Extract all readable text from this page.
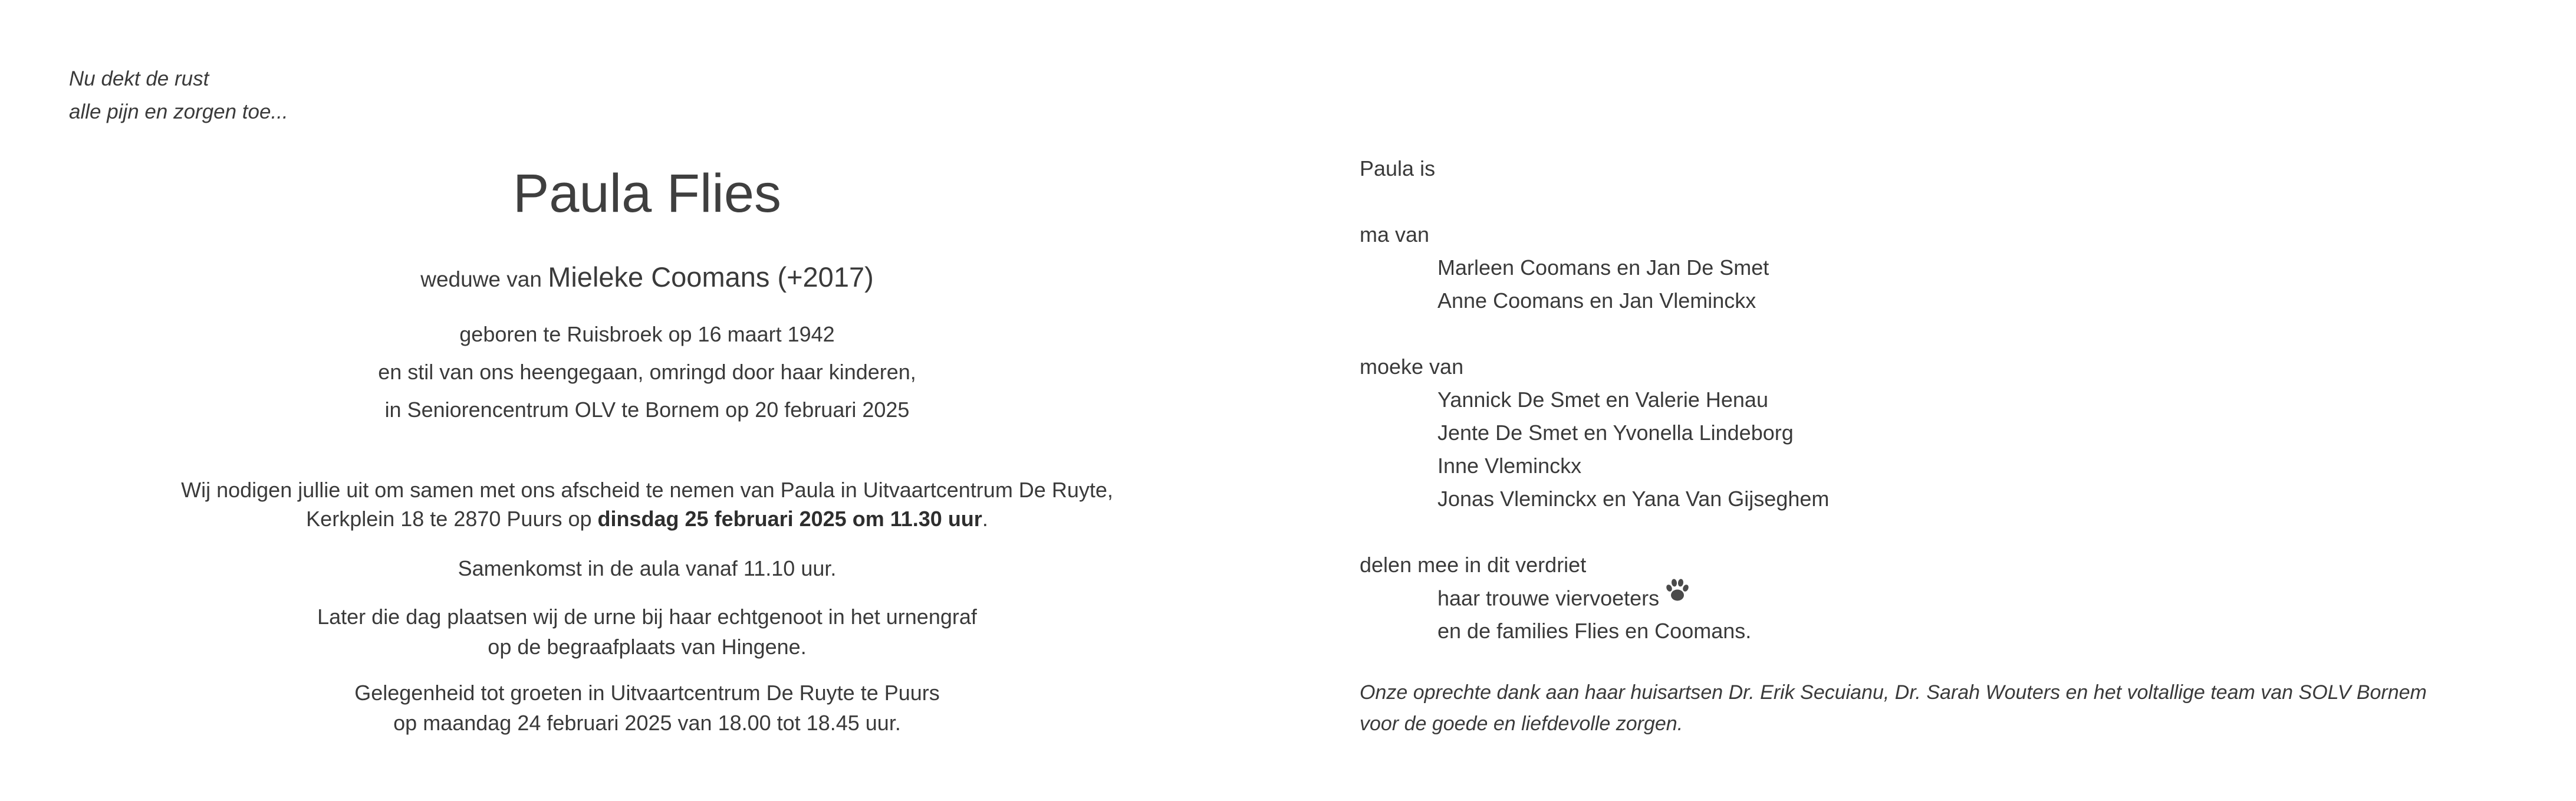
Nu dekt de rust
alle pijn en zorgen toe...
Paula Flies
weduwe van Mieleke Coomans (+2017)
geboren te Ruisbroek op 16 maart 1942
en stil van ons heengegaan, omringd door haar kinderen,
in Seniorencentrum OLV te Bornem op 20 februari 2025
Wij nodigen jullie uit om samen met ons afscheid te nemen van Paula in Uitvaartcentrum De Ruyte,
Kerkplein 18 te 2870 Puurs op dinsdag 25 februari 2025 om 11.30 uur.
Samenkomst in de aula vanaf 11.10 uur.
Later die dag plaatsen wij de urne bij haar echtgenoot in het urnengraf
op de begraafplaats van Hingene.
Gelegenheid tot groeten in Uitvaartcentrum De Ruyte te Puurs
op maandag 24 februari 2025 van 18.00 tot 18.45 uur.
Paula is
ma van
Marleen Coomans en Jan De Smet
Anne Coomans en Jan Vleminckx
moeke van
Yannick De Smet en Valerie Henau
Jente De Smet en Yvonella Lindeborg
Inne Vleminckx
Jonas Vleminckx en Yana Van Gijseghem
delen mee in dit verdriet
haar trouwe viervoeters
en de families Flies en Coomans.
Onze oprechte dank aan haar huisartsen Dr. Erik Secuianu, Dr. Sarah Wouters en het voltallige team van SOLV Bornem
voor de goede en liefdevolle zorgen.
